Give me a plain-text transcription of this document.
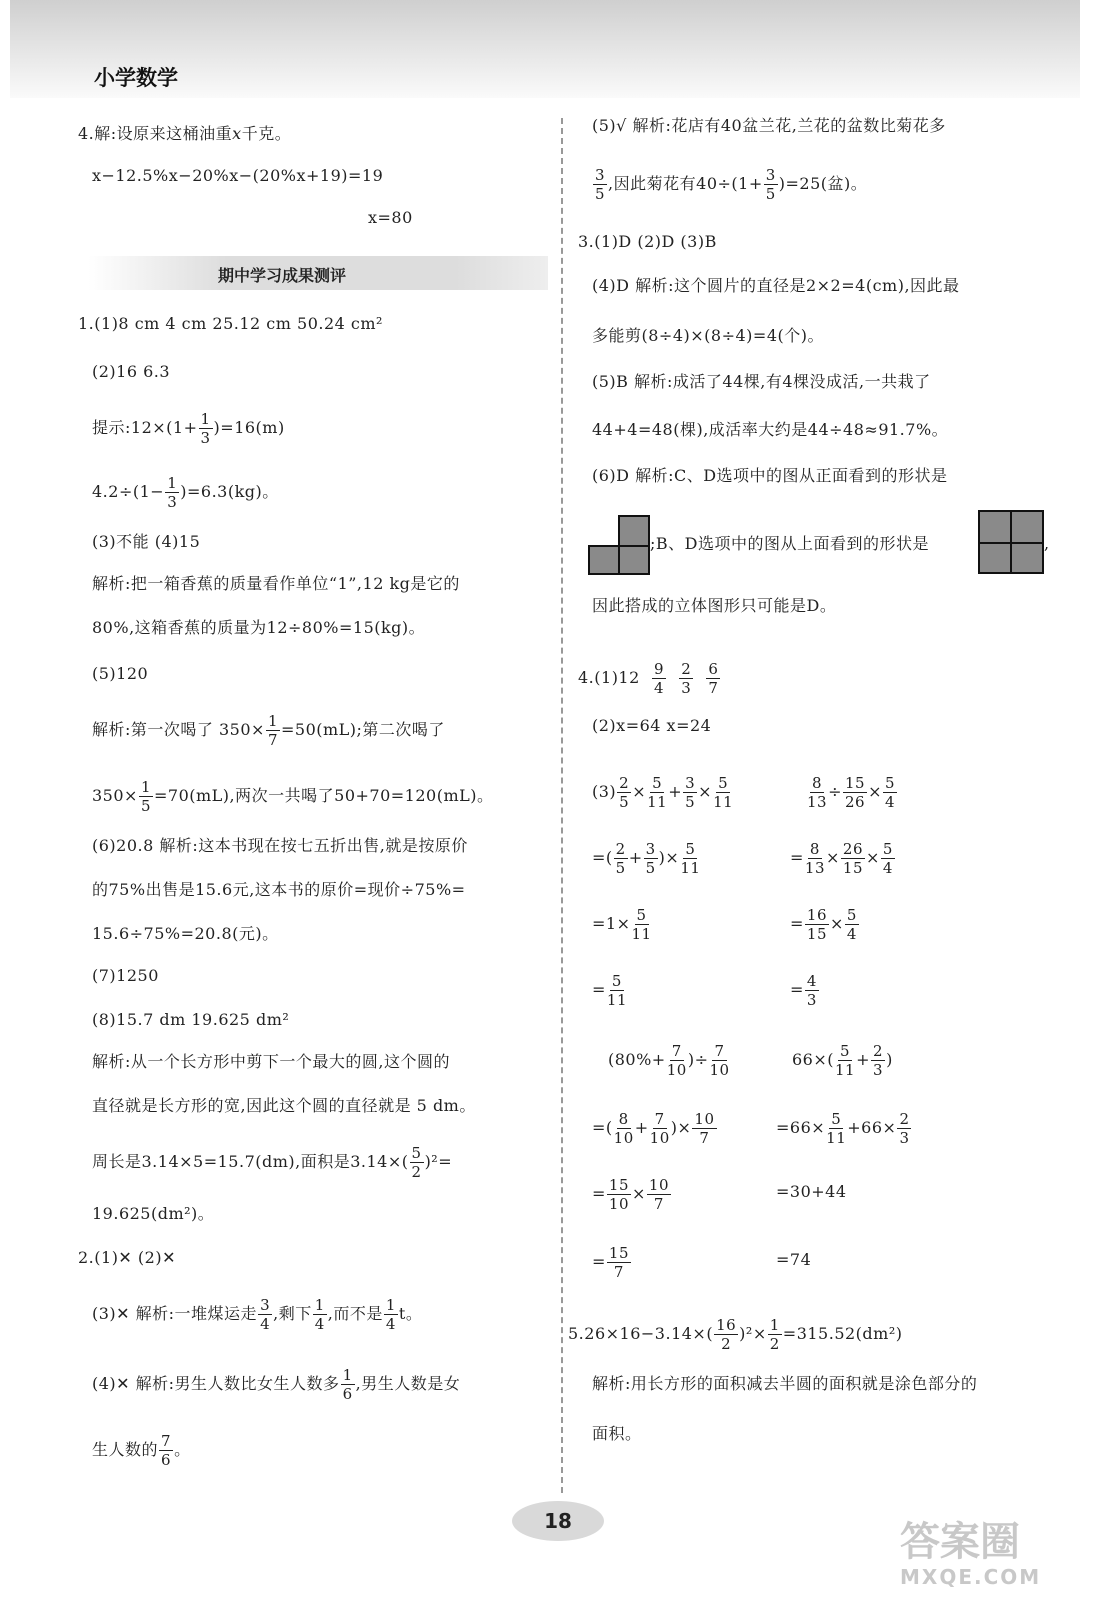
小学数学
4.解:设原来这桶油重x千克。
x−12.5%x−20%x−(20%x+19)=19
x=80
期中学习成果测评
1.(1)8 cm 4 cm 25.12 cm 50.24 cm²
(2)16 6.3
提示:12×(1+ $\frac{1}{3} )=16(m)$
$4.2\div(1- \frac{1}{3} )=6.3(kg)$。
(3)不能 (4)15
解析:把一箱香蕉的质量看作单位“1”,12 kg是它的
80%,这箱香蕉的质量为12÷80%=15(kg)。
(5)120
解析:第一次喝了 $350\times \frac{1}{7} =50(mL)$;第二次喝了
$350\times \frac{1}{5} =70(mL)$,两次一共喝了50+70=120(mL)。
(6)20.8 解析:这本书现在按七五折出售,就是按原价
的75%出售是15.6元,这本书的原价=现价÷75%=
15.6÷75%=20.8(元)。
(7)1250
(8)15.7 dm 19.625 dm²
解析:从一个长方形中剪下一个最大的圆,这个圆的
直径就是长方形的宽,因此这个圆的直径就是 5 dm。
周长是3.14×5=15.7(dm),面积是$3.14\times( \frac{5}{2} )^2=$
19.625(dm²)。
2.(1)✕ (2)✕
(3)✕ 解析:一堆煤运走 $\frac{3}{4}$ ,剩下 $\frac{1}{4}$ ,而不是 $\frac{1}{4}$ t。
(4)✕ 解析:男生人数比女生人数多 $\frac{1}{6}$ ,男生人数是女
生人数的 $\frac{7}{6}$ 。
(5)√ 解析:花店有40盆兰花,兰花的盆数比菊花多
$\frac{3}{5}$ ,因此菊花有$40\div(1+ \frac{3}{5} )=25$(盆)。
3.(1)D (2)D (3)B
(4)D 解析:这个圆片的直径是2×2=4(cm),因此最
多能剪(8÷4)×(8÷4)=4(个)。
(5)B 解析:成活了44棵,有4棵没成活,一共栽了
44+4=48(棵),成活率大约是44÷48≈91.7%。
(6)D 解析:C、D选项中的图从正面看到的形状是
;B、D选项中的图从上面看到的形状是	,
因此搭成的立体图形只可能是D。
$4.(1)12 \frac{9}{4}$
$\frac{2}{3}$
$\frac{6}{7}$
(2)x=64 x=24
$(3) \frac{2}{5} \times \frac{5}{11} + \frac{3}{5} \times \frac{5}{11}$
=( $\frac{2}{5} + \frac{3}{5}$ )× $\frac{5}{11}$
$=1\times \frac{5}{11}$
= $\frac{5}{11}$
$\frac{8}{13} \div \frac{15}{26} \times \frac{5}{4}$
= $\frac{8}{13} \times \frac{26}{15} \times \frac{5}{4}$
= $\frac{16}{15} \times \frac{5}{4}$
= $\frac{4}{3}$
($80\%+ \frac{7}{10}$ )÷ $\frac{7}{10}$
=( $\frac{8}{10} + \frac{7}{10}$ )× $\frac{10}{7}$
= $\frac{15}{10} \times \frac{10}{7}$
= $\frac{15}{7}$
$66\times( \frac{5}{11} + \frac{2}{3}$ )
$=66\times \frac{5}{11} +66\times \frac{2}{3}$
=30+44
=74
$5.26\times 16-3.14\times( \frac{16}{2} )^2\times \frac{1}{2} =315.52(dm^2)$
解析:用长方形的面积减去半圆的面积就是涂色部分的
面积。
18	答案圈
MXQE.COM
